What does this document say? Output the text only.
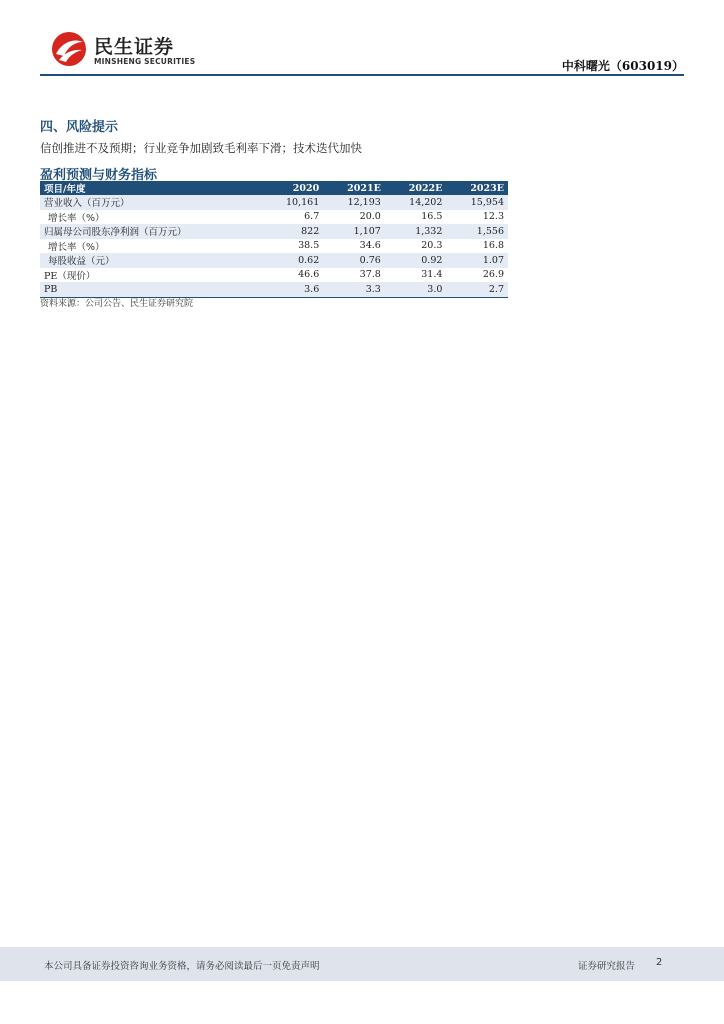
民生证券
MINSHENG SECURITIES	中科曙光（603019）
四、风险提示
信创推进不及预期；行业竞争加剧致毛利率下滑；技术迭代加快
盈利预测与财务指标
项目/年度	2020	2021E	2022E	2023E
营业收入（百万元）	10,161	12,193	14,202	15,954
增长率（%）	6.7	20.0	16.5	12.3
归属母公司股东净利润（百万元）	822	1,107	1,332	1,556
增长率（%）	38.5	34.6	20.3	16.8
每股收益（元）	0.62	0.76	0.92	1.07
PE（现价）	46.6	37.8	31.4	26.9
PB	3.6	3.3	3.0	2.7
资料来源：公司公告、民生证券研究院
本公司具备证券投资咨询业务资格，请务必阅读最后一页免责声明	证券研究报告 2
